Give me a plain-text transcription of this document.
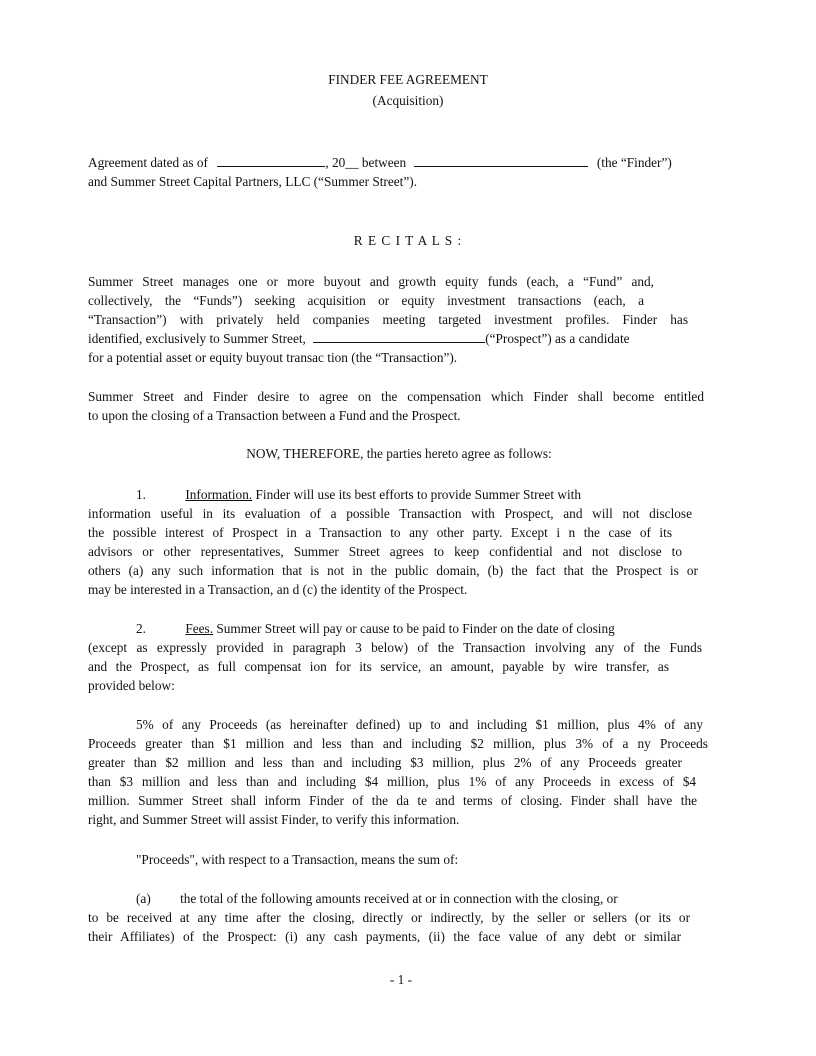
FINDER FEE AGREEMENT
(Acquisition)
Agreement dated as of	, 20__ between	(the “Finder”)
and Summer Street Capital Partners, LLC (“Summer Street”).
R E C I T A L S :
Summer Street manages one or more buyout and growth equity funds (each, a “Fund” and,
collectively, the “Funds”) seeking acquisition or equity investment transactions (each, a
“Transaction”) with privately held companies meeting targeted investment profiles. Finder has
identified, exclusively to Summer Street,	(“Prospect”) as a candidate
for a potential asset or equity buyout transac tion (the “Transaction”).
Summer Street and Finder desire to agree on the compensation which Finder shall become entitled
to upon the closing of a Transaction between a Fund and the Prospect.
NOW, THEREFORE, the parties hereto agree as follows:
1.	Information. Finder will use its best efforts to provide Summer Street with
information useful in its evaluation of a possible Transaction with Prospect, and will not disclose
the possible interest of Prospect in a Transaction to any other party. Except i n the case of its
advisors or other representatives, Summer Street agrees to keep confidential and not disclose to
others (a) any such information that is not in the public domain, (b) the fact that the Prospect is or
may be interested in a Transaction, an d (c) the identity of the Prospect.
2.	Fees. Summer Street will pay or cause to be paid to Finder on the date of closing
(except as expressly provided in paragraph 3 below) of the Transaction involving any of the Funds
and the Prospect, as full compensat ion for its service, an amount, payable by wire transfer, as
provided below:
5% of any Proceeds (as hereinafter defined) up to and including $1 million, plus 4% of any
Proceeds greater than $1 million and less than and including $2 million, plus 3% of a ny Proceeds
greater than $2 million and less than and including $3 million, plus 2% of any Proceeds greater
than $3 million and less than and including $4 million, plus 1% of any Proceeds in excess of $4
million. Summer Street shall inform Finder of the da te and terms of closing. Finder shall have the
right, and Summer Street will assist Finder, to verify this information.
"Proceeds", with respect to a Transaction, means the sum of:
(a) the total of the following amounts received at or in connection with the closing, or
to be received at any time after the closing, directly or indirectly, by the seller or sellers (or its or
their Affiliates) of the Prospect: (i) any cash payments, (ii) the face value of any debt or similar
- 1 -
